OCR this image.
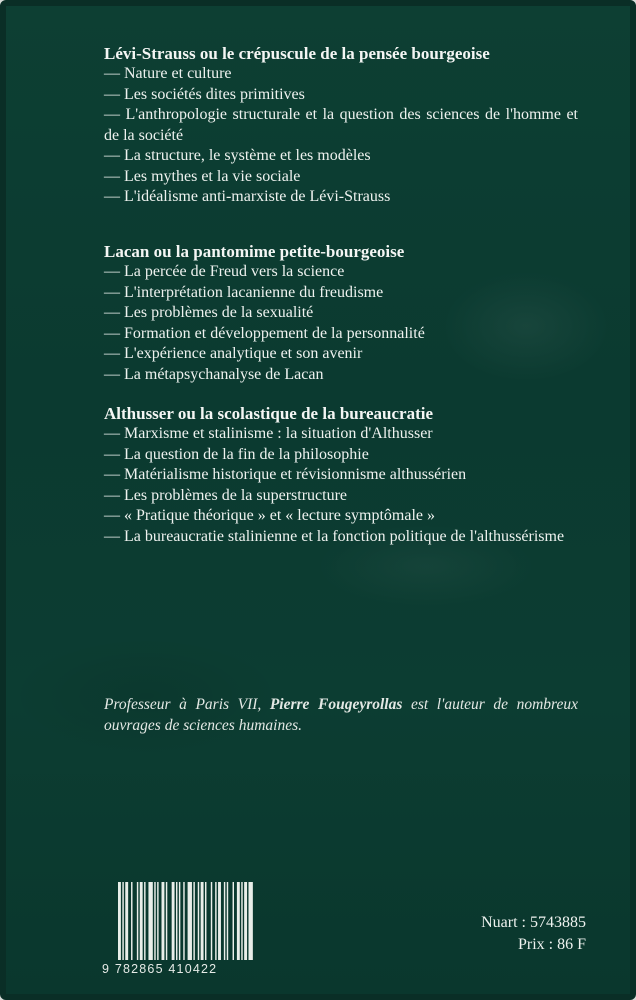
Lévi-Strauss ou le crépuscule de la pensée bourgeoise
— Nature et culture
— Les sociétés dites primitives
— L'anthropologie structurale et la question des sciences de l'homme et de la société
— La structure, le système et les modèles
— Les mythes et la vie sociale
— L'idéalisme anti-marxiste de Lévi-Strauss
Lacan ou la pantomime petite-bourgeoise
— La percée de Freud vers la science
— L'interprétation lacanienne du freudisme
— Les problèmes de la sexualité
— Formation et développement de la personnalité
— L'expérience analytique et son avenir
— La métapsychanalyse de Lacan
Althusser ou la scolastique de la bureaucratie
— Marxisme et stalinisme : la situation d'Althusser
— La question de la fin de la philosophie
— Matérialisme historique et révisionnisme althussérien
— Les problèmes de la superstructure
— « Pratique théorique » et « lecture symptômale »
— La bureaucratie stalinienne et la fonction politique de l'althussérisme

Professeur à Paris VII, Pierre Fougeyrollas est l'auteur de nombreux ouvrages de sciences humaines.

9 782865 410422
Nuart : 5743885
Prix : 86 F
